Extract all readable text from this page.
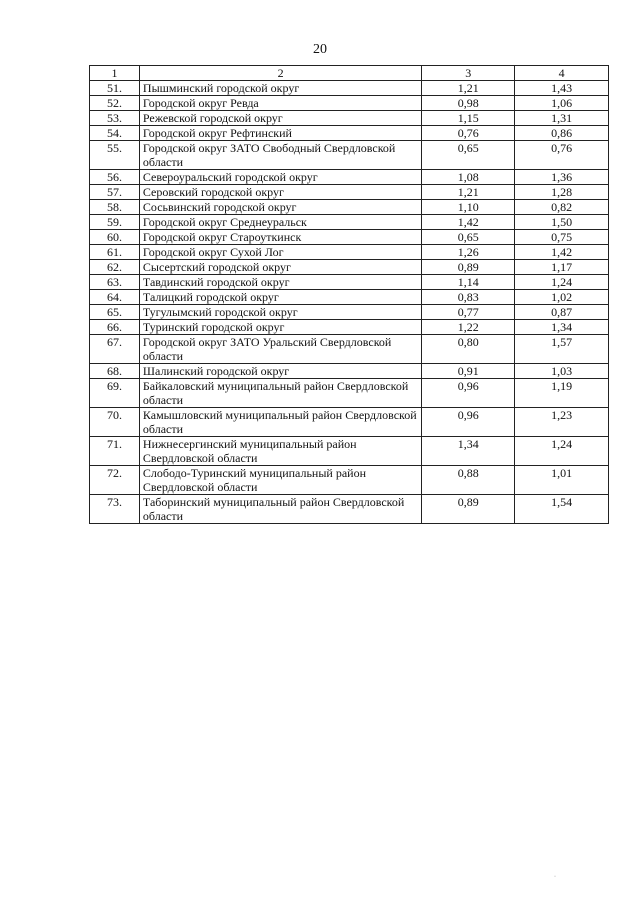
20
1	2	3	4
51.	Пышминский городской округ	1,21	1,43
52.	Городской округ Ревда	0,98	1,06
53.	Режевской городской округ	1,15	1,31
54.	Городской округ Рефтинский	0,76	0,86
55.	Городской округ ЗАТО Свободный Свердловской области	0,65	0,76
56.	Североуральский городской округ	1,08	1,36
57.	Серовский городской округ	1,21	1,28
58.	Сосьвинский городской округ	1,10	0,82
59.	Городской округ Среднеуральск	1,42	1,50
60.	Городской округ Староуткинск	0,65	0,75
61.	Городской округ Сухой Лог	1,26	1,42
62.	Сысертский городской округ	0,89	1,17
63.	Тавдинский городской округ	1,14	1,24
64.	Талицкий городской округ	0,83	1,02
65.	Тугулымский городской округ	0,77	0,87
66.	Туринский городской округ	1,22	1,34
67.	Городской округ ЗАТО Уральский Свердловской области	0,80	1,57
68.	Шалинский городской округ	0,91	1,03
69.	Байкаловский муниципальный район Свердловской области	0,96	1,19
70.	Камышловский муниципальный район Свердловской области	0,96	1,23
71.	Нижнесергинский муниципальный район Свердловской области	1,34	1,24
72.	Слободо-Туринский муниципальный район Свердловской области	0,88	1,01
73.	Таборинский муниципальный район Свердловской области	0,89	1,54
·
